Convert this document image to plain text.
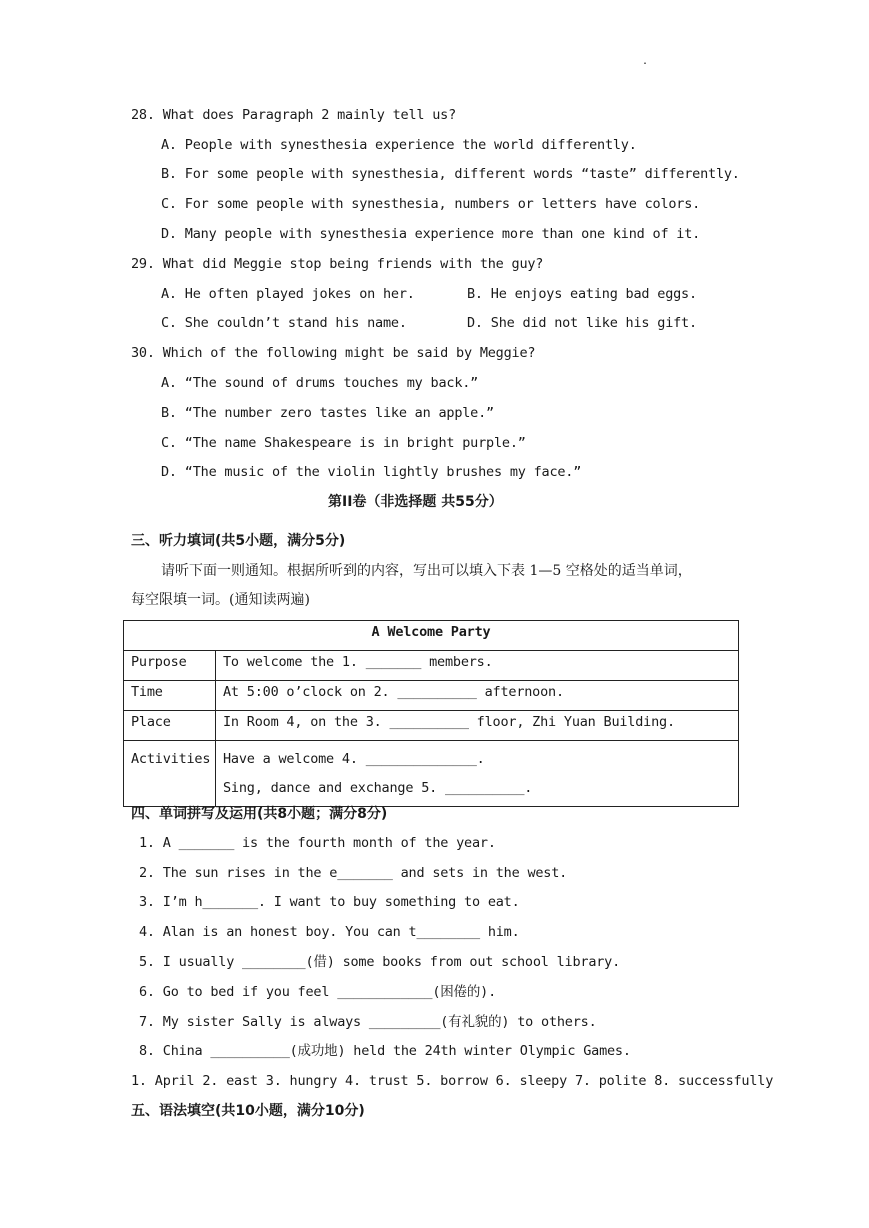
.
28. What does Paragraph 2 mainly tell us?
A. People with synesthesia experience the world differently.
B. For some people with synesthesia, different words “taste” differently.
C. For some people with synesthesia, numbers or letters have colors.
D. Many people with synesthesia experience more than one kind of it.
29. What did Meggie stop being friends with the guy?
A. He often played jokes on her.	B. He enjoys eating bad eggs.
C. She couldn’t stand his name.	D. She did not like his gift.
30. Which of the following might be said by Meggie?
A. “The sound of drums touches my back.”
B. “The number zero tastes like an apple.”
C. “The name Shakespeare is in bright purple.”
D. “The music of the violin lightly brushes my face.”
第II卷（非选择题 共55分）
三、听力填词(共5小题，满分5分)
请听下面一则通知。根据所听到的内容，写出可以填入下表 1—5 空格处的适当单词，
每空限填一词。(通知读两遍)
A Welcome Party	
Purpose	To welcome the 1. _______ members.
Time	At 5:00 o’clock on 2. __________ afternoon.
Place	In Room 4, on the 3. __________ floor, Zhi Yuan Building.
Activities	Have a welcome 4. ______________.
Sing, dance and exchange 5. __________.
四、单词拼写及运用(共8小题；满分8分)
1. A _______ is the fourth month of the year.
2. The sun rises in the e_______ and sets in the west.
3. I’m h_______. I want to buy something to eat.
4. Alan is an honest boy. You can t________ him.
5. I usually ________(借) some books from out school library.
6. Go to bed if you feel ____________(困倦的).
7. My sister Sally is always _________(有礼貌的) to others.
8. China __________(成功地) held the 24th winter Olympic Games.
1. April 2. east 3. hungry 4. trust 5. borrow 6. sleepy 7. polite 8. successfully
五、语法填空(共10小题，满分10分)
